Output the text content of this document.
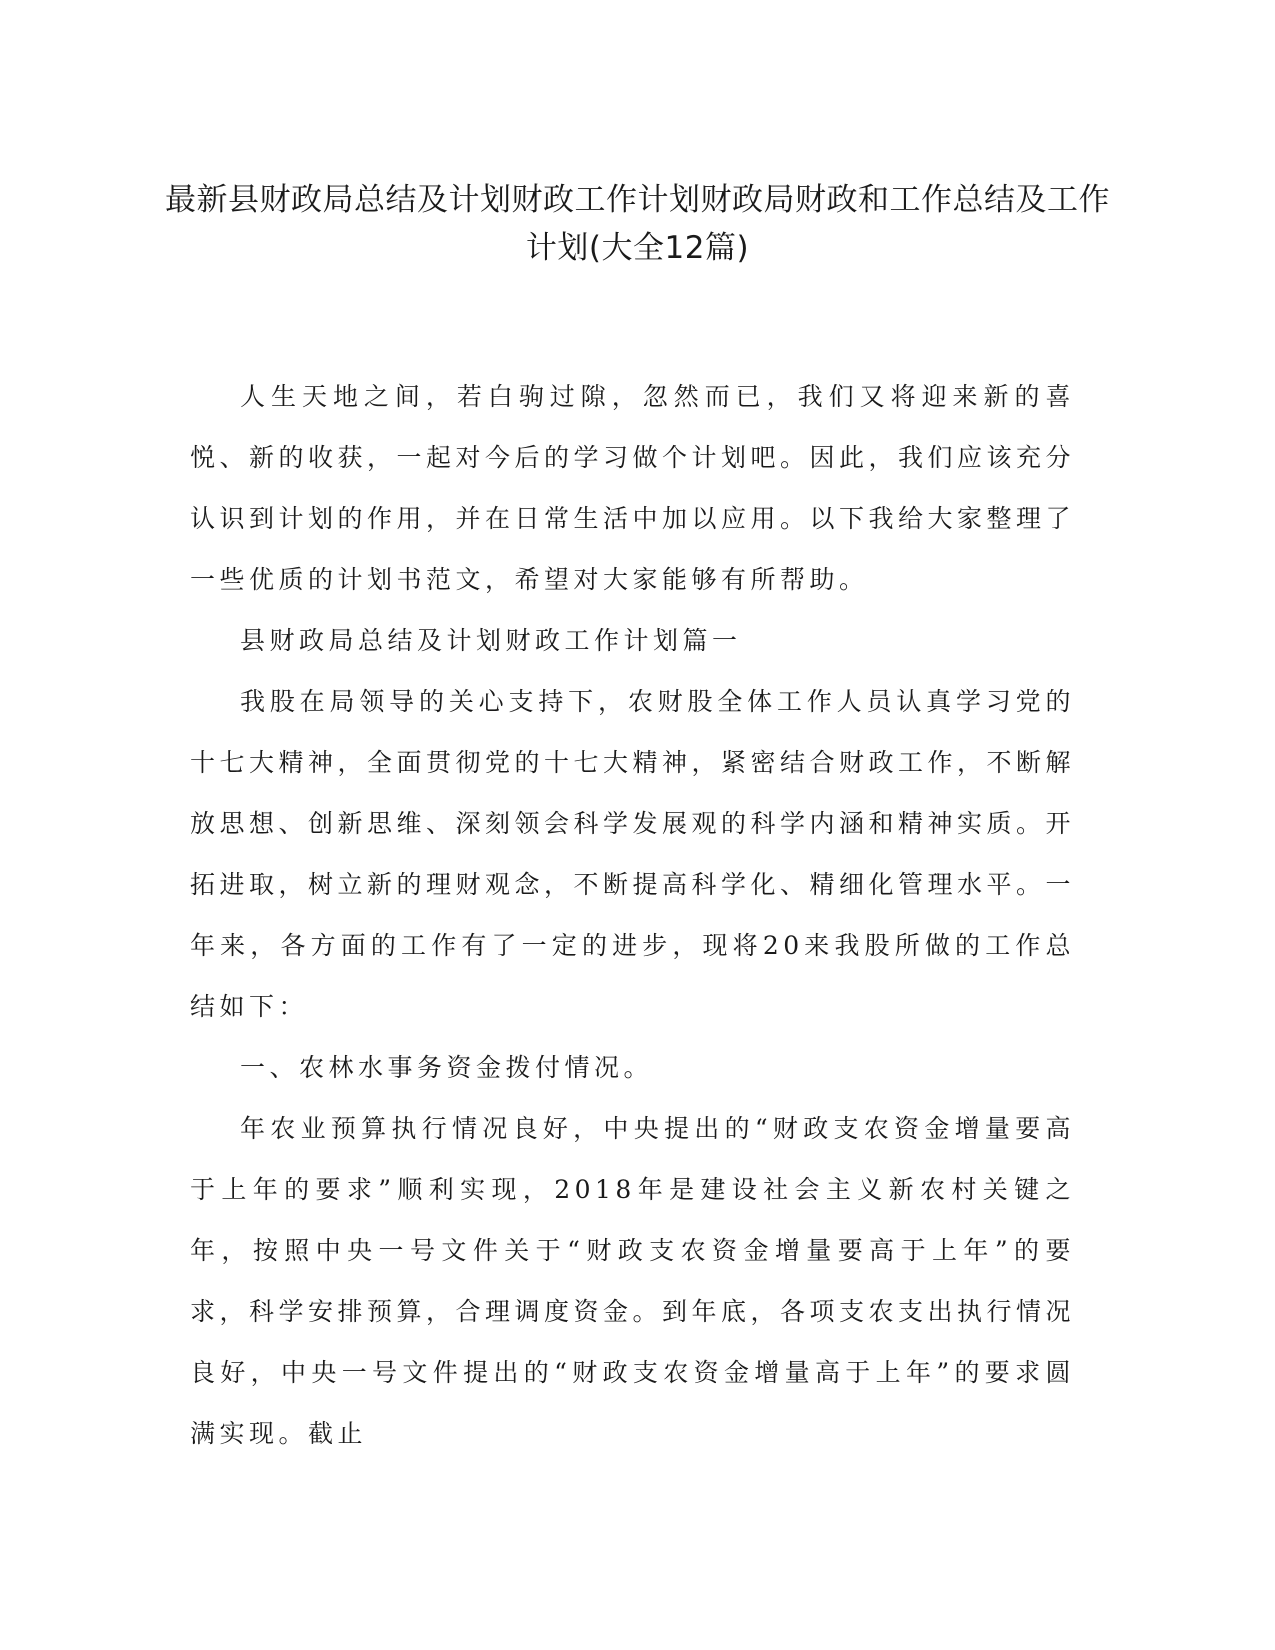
最新县财政局总结及计划财政工作计划财政局财政和工作总结及工作计划(大全12篇)

人生天地之间，若白驹过隙，忽然而已，我们又将迎来新的喜悦、新的收获，一起对今后的学习做个计划吧。因此，我们应该充分认识到计划的作用，并在日常生活中加以应用。以下我给大家整理了一些优质的计划书范文，希望对大家能够有所帮助。

县财政局总结及计划财政工作计划篇一

我股在局领导的关心支持下，农财股全体工作人员认真学习党的十七大精神，全面贯彻党的十七大精神，紧密结合财政工作，不断解放思想、创新思维、深刻领会科学发展观的科学内涵和精神实质。开拓进取，树立新的理财观念，不断提高科学化、精细化管理水平。一年来，各方面的工作有了一定的进步，现将20来我股所做的工作总结如下：

一、农林水事务资金拨付情况。

年农业预算执行情况良好，中央提出的“财政支农资金增量要高于上年的要求”顺利实现，2018年是建设社会主义新农村关键之年，按照中央一号文件关于“财政支农资金增量要高于上年”的要求，科学安排预算，合理调度资金。到年底，各项支农支出执行情况良好，中央一号文件提出的“财政支农资金增量高于上年”的要求圆满实现。截止
